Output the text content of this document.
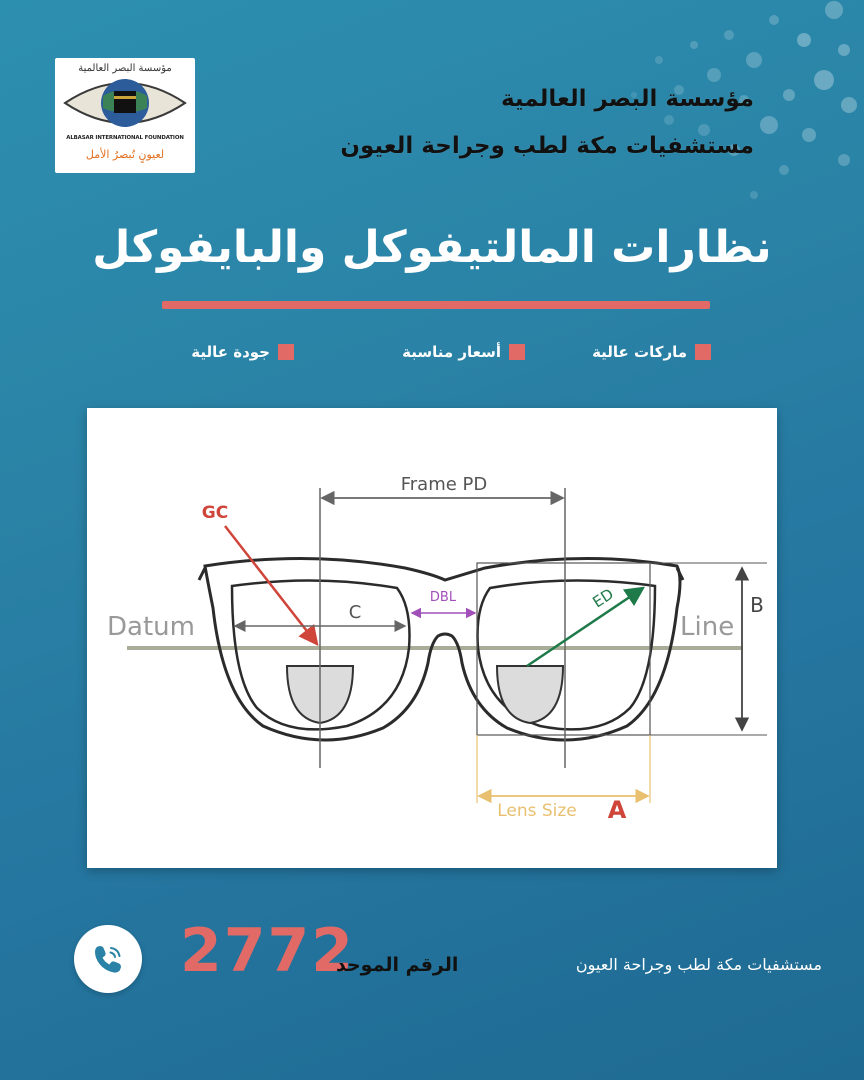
مؤسسة البصر العالمية

ALBASAR INTERNATIONAL FOUNDATION

لعيونٍ تُبصرُ الأمل

مؤسسة البصر العالمية

مستشفيات مكة لطب وجراحة العيون

نظارات المالتيفوكل والبايفوكل
ماركات عالية
أسعار مناسبة
جودة عالية
Frame PD
GC
C
DBL	ED
Lens Size A
B
Datum	Line

2772

الرقم الموحد	مستشفيات مكة لطب وجراحة العيون
